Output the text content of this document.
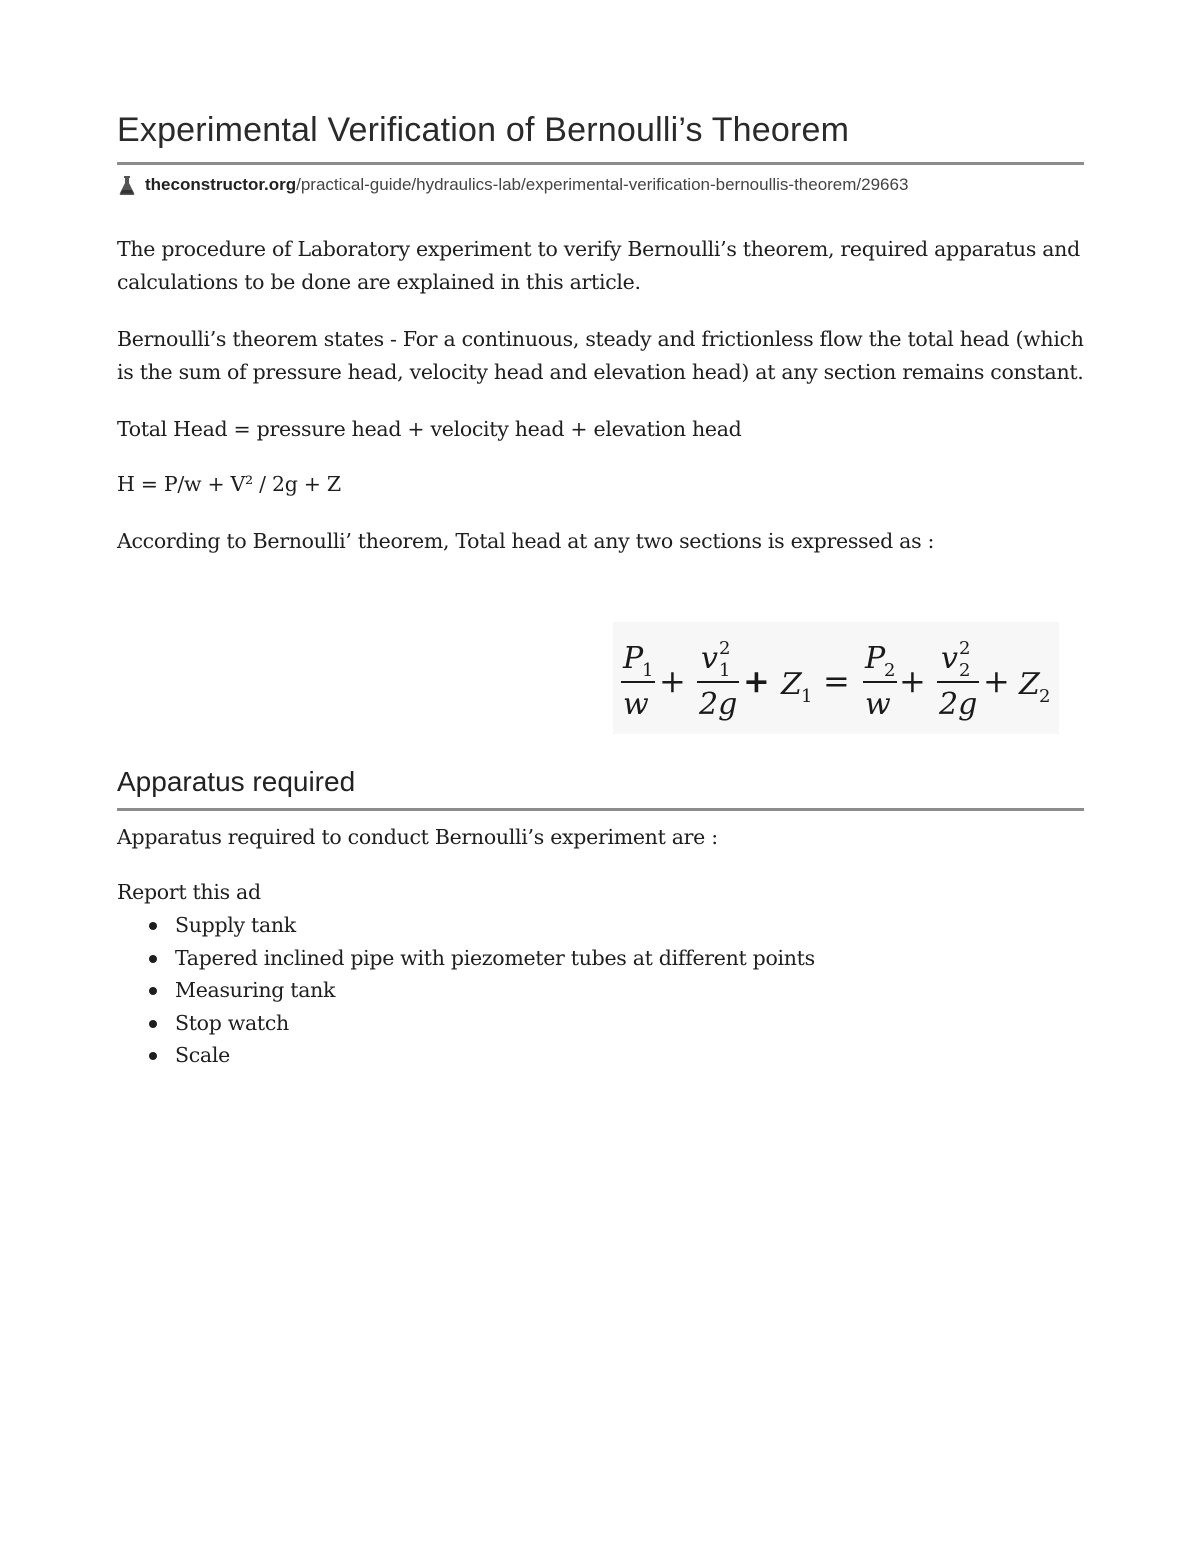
Experimental Verification of Bernoulli’s Theorem
theconstructor.org /practical-guide/hydraulics-lab/experimental-verification-bernoullis-theorem/29663

The procedure of Laboratory experiment to verify Bernoulli’s theorem, required apparatus and calculations to be done are explained in this article.

Bernoulli’s theorem states - For a continuous, steady and frictionless flow the total head (which is the sum of pressure head, velocity head and elevation head) at any section remains constant.

Total Head = pressure head + velocity head + elevation head

H = P/w + V² / 2g + Z

According to Bernoulli’ theorem, Total head at any two sections is expressed as :

P
1
w
+
v 1
2
2g
+ Z 1 =
P
2
w
+
v 2
2
2g
+ Z 2
Apparatus required

Apparatus required to conduct Bernoulli’s experiment are :

Report this ad

Supply tank
Tapered inclined pipe with piezometer tubes at different points
Measuring tank
Stop watch
Scale
